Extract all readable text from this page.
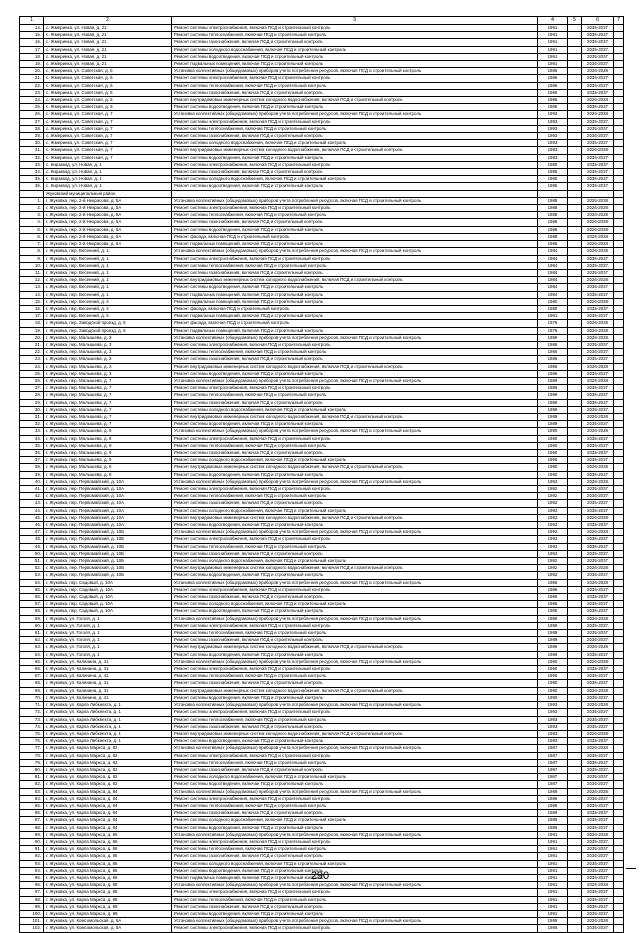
1	2	3	4	5	6	7
14.	с. Жмеринка, ул. Новая, д. 21	Ремонт системы электроснабжения, включая ПСД и строительный контроль	1991		2035-2037	
15.	с. Жмеринка, ул. Новая, д. 21	Ремонт системы теплоснабжения, включая ПСД и строительный контроль	1991		2035-2037	
16.	с. Жмеринка, ул. Новая, д. 21	Ремонт системы газоснабжения, включая ПСД и строительный контроль	1991		2035-2037	
17.	с. Жмеринка, ул. Новая, д. 21	Ремонт системы холодного водоснабжения, включая ПСД и строительный контроль	1991		2035-2037	
18.	с. Жмеринка, ул. Новая, д. 21	Ремонт системы водоотведения, включая ПСД и строительный контроль	1991		2035-2037	
19.	с. Жмеринка, ул. Новая, д. 21	Ремонт подвальных помещений, включая ПСД и строительный контроль	1991		2035-2037	
20.	с. Жмеринка, ул. Советская, д. 5	Установка коллективных (общедомовых) приборов учета потребления ресурсов, включая ПСД и строительный контроль	1986		2026-2028	
21.	с. Жмеринка, ул. Советская, д. 5	Ремонт системы электроснабжения, включая ПСД и строительный контроль	1986		2035-2037	
22.	с. Жмеринка, ул. Советская, д. 5	Ремонт системы теплоснабжения, включая ПСД и строительный контроль	1986		2035-2037	
23.	с. Жмеринка, ул. Советская, д. 5	Ремонт системы газоснабжения, включая ПСД и строительный контроль	1986		2035-2037	
24.	с. Жмеринка, ул. Советская, д. 5	Ремонт внутридомовых инженерных систем холодного водоснабжения, включая ПСД и строительный контроль	1986		2026-2028	
25.	с. Жмеринка, ул. Советская, д. 5	Ремонт системы водоотведения, включая ПСД и строительный контроль	1986		2035-2037	
26.	с. Жмеринка, ул. Советская, д. 7	Установка коллективных (общедомовых) приборов учета потребления ресурсов, включая ПСД и строительный контроль	1993		2026-2028	
27.	с. Жмеринка, ул. Советская, д. 7	Ремонт системы электроснабжения, включая ПСД и строительный контроль	1993		2035-2037	
28.	с. Жмеринка, ул. Советская, д. 7	Ремонт системы теплоснабжения, включая ПСД и строительный контроль	1993		2035-2037	
29.	с. Жмеринка, ул. Советская, д. 7	Ремонт системы газоснабжения, включая ПСД и строительный контроль	1993		2035-2037	
30.	с. Жмеринка, ул. Советская, д. 7	Ремонт системы холодного водоснабжения, включая ПСД и строительный контроль	1993		2035-2037	
31.	с. Жмеринка, ул. Советская, д. 7	Ремонт внутридомовых инженерных систем холодного водоснабжения, включая ПСД и строительный контроль	1993		2026-2028	
32.	с. Жмеринка, ул. Советская, д. 7	Ремонт системы водоотведения, включая ПСД и строительный контроль	1993		2035-2037	
33.	с. Кирзавод, ул. Новая, д. 1	Ремонт системы электроснабжения, включая ПСД и строительный контроль	1985		2035-2037	
34.	с. Кирзавод, ул. Новая, д. 1	Ремонт системы газоснабжения, включая ПСД и строительный контроль	1985		2035-2037	
35.	с. Кирзавод, ул. Новая, д. 1	Ремонт системы холодного водоснабжения, включая ПСД и строительный контроль	1985		2035-2037	
36.	с. Кирзавод, ул. Новая, д. 1	Ремонт системы водоотведения, включая ПСД и строительный контроль	1985		2035-2037	
	Жуковский муниципальный район					
1.	г. Жуковка, пер. 2-й Некрасова, д. 5А	Установка коллективных (общедомовых) приборов учета потребления ресурсов, включая ПСД и строительный контроль	1988		2026-2028	
2.	г. Жуковка, пер. 2-й Некрасова, д. 5А	Ремонт системы электроснабжения, включая ПСД и строительный контроль	1988		2026-2028	
3.	г. Жуковка, пер. 2-й Некрасова, д. 5А	Ремонт системы теплоснабжения, включая ПСД и строительный контроль	1988		2026-2028	
4.	г. Жуковка, пер. 2-й Некрасова, д. 5А	Ремонт системы газоснабжения, включая ПСД и строительный контроль	1988		2026-2028	
5.	г. Жуковка, пер. 2-й Некрасова, д. 5А	Ремонт системы водоотведения, включая ПСД и строительный контроль	1988		2026-2028	
6.	г. Жуковка, пер. 2-й Некрасова, д. 5А	Ремонт фасада, включая ПСД и строительный контроль	1988		2026-2028	
7.	г. Жуковка, пер. 2-й Некрасова, д. 5А	Ремонт подвальных помещений, включая ПСД и строительный контроль	1988		2026-2028	
8.	г. Жуковка, пер. Весенний, д. 1	Установка коллективных (общедомовых) приборов учета потребления ресурсов, включая ПСД и строительный контроль	1984		2026-2028	
9.	г. Жуковка, пер. Весенний, д. 1	Ремонт системы электроснабжения, включая ПСД и строительный контроль	1984		2035-2037	
10.	г. Жуковка, пер. Весенний, д. 1	Ремонт системы теплоснабжения, включая ПСД и строительный контроль	1984		2035-2037	
11.	г. Жуковка, пер. Весенний, д. 1	Ремонт системы газоснабжения, включая ПСД и строительный контроль	1984		2035-2037	
12.	г. Жуковка, пер. Весенний, д. 1	Ремонт внутридомовых инженерных систем холодного водоснабжения, включая ПСД и строительный контроль	1984		2026-2028	
13.	г. Жуковка, пер. Весенний, д. 1	Ремонт системы водоотведения, включая ПСД и строительный контроль	1984		2035-2037	
14.	г. Жуковка, пер. Весенний, д. 1	Ремонт подвальных помещений, включая ПСД и строительный контроль	1984		2035-2037	
15.	г. Жуковка, пер. Весенний, д. 4	Ремонт подвальных помещений, включая ПСД и строительный контроль	1980		2026-2028	
16.	г. Жуковка, пер. Весенний, д. 4	Ремонт фасада, включая ПСД и строительный контроль	1980		2035-2037	
17.	г. Жуковка, пер. Весенний, д. 6	Ремонт подвальных помещений, включая ПСД и строительный контроль	1981		2035-2037	
18.	г. Жуковка, пер. Заводской проезд, д. 6	Ремонт фасада, включая ПСД и строительный контроль	1976		2026-2028	
19.	г. Жуковка, пер. Заводской проезд, д. 6	Ремонт подвальных помещений, включая ПСД и строительный контроль	1976		2026-2028	
20.	г. Жуковка, пер. Малышева, д. 3	Установка коллективных (общедомовых) приборов учета потребления ресурсов, включая ПСД и строительный контроль	1986		2026-2028	
21.	г. Жуковка, пер. Малышева, д. 3	Ремонт системы электроснабжения, включая ПСД и строительный контроль	1986		2035-2037	
22.	г. Жуковка, пер. Малышева, д. 3	Ремонт системы теплоснабжения, включая ПСД и строительный контроль	1986		2035-2037	
23.	г. Жуковка, пер. Малышева, д. 3	Ремонт системы газоснабжения, включая ПСД и строительный контроль	1986		2035-2037	
24.	г. Жуковка, пер. Малышева, д. 3	Ремонт внутридомовых инженерных систем холодного водоснабжения, включая ПСД и строительный контроль	1986		2026-2028	
25.	г. Жуковка, пер. Малышева, д. 3	Ремонт системы водоотведения, включая ПСД и строительный контроль	1986		2035-2037	
26.	г. Жуковка, пер. Малышева, д. 7	Установка коллективных (общедомовых) приборов учета потребления ресурсов, включая ПСД и строительный контроль	1989		2026-2028	
27.	г. Жуковка, пер. Малышева, д. 7	Ремонт системы электроснабжения, включая ПСД и строительный контроль	1989		2035-2037	
28.	г. Жуковка, пер. Малышева, д. 7	Ремонт системы теплоснабжения, включая ПСД и строительный контроль	1989		2035-2037	
29.	г. Жуковка, пер. Малышева, д. 7	Ремонт системы газоснабжения, включая ПСД и строительный контроль	1989		2035-2037	
30.	г. Жуковка, пер. Малышева, д. 7	Ремонт системы холодного водоснабжения, включая ПСД и строительный контроль	1989		2035-2037	
31.	г. Жуковка, пер. Малышева, д. 7	Ремонт внутридомовых инженерных систем холодного водоснабжения, включая ПСД и строительный контроль	1989		2026-2028	
32.	г. Жуковка, пер. Малышева, д. 7	Ремонт системы водоотведения, включая ПСД и строительный контроль	1989		2035-2037	
33.	г. Жуковка, пер. Малышева, д. 9	Установка коллективных (общедомовых) приборов учета потребления ресурсов, включая ПСД и строительный контроль	1990		2026-2028	
34.	г. Жуковка, пер. Малышева, д. 9	Ремонт системы электроснабжения, включая ПСД и строительный контроль	1990		2035-2037	
35.	г. Жуковка, пер. Малышева, д. 9	Ремонт системы теплоснабжения, включая ПСД и строительный контроль	1990		2035-2037	
36.	г. Жуковка, пер. Малышева, д. 9	Ремонт системы газоснабжения, включая ПСД и строительный контроль	1990		2035-2037	
37.	г. Жуковка, пер. Малышева, д. 9	Ремонт системы холодного водоснабжения, включая ПСД и строительный контроль	1990		2035-2037	
38.	г. Жуковка, пер. Малышева, д. 9	Ремонт внутридомовых инженерных систем холодного водоснабжения, включая ПСД и строительный контроль	1990		2026-2028	
39.	г. Жуковка, пер. Малышева, д. 9	Ремонт системы водоотведения, включая ПСД и строительный контроль	1990		2035-2037	
40.	г. Жуковка, пер. Первомайский, д. 10А	Установка коллективных (общедомовых) приборов учета потребления ресурсов, включая ПСД и строительный контроль	1992		2026-2028	
41.	г. Жуковка, пер. Первомайский, д. 10А	Ремонт системы электроснабжения, включая ПСД и строительный контроль	1992		2035-2037	
42.	г. Жуковка, пер. Первомайский, д. 10А	Ремонт системы теплоснабжения, включая ПСД и строительный контроль	1992		2035-2037	
43.	г. Жуковка, пер. Первомайский, д. 10А	Ремонт системы газоснабжения, включая ПСД и строительный контроль	1992		2035-2037	
44.	г. Жуковка, пер. Первомайский, д. 10А	Ремонт системы холодного водоснабжения, включая ПСД и строительный контроль	1992		2035-2037	
45.	г. Жуковка, пер. Первомайский, д. 10А	Ремонт внутридомовых инженерных систем холодного водоснабжения, включая ПСД и строительный контроль	1992		2026-2028	
46.	г. Жуковка, пер. Первомайский, д. 10А	Ремонт системы водоотведения, включая ПСД и строительный контроль	1992		2035-2037	
47.	г. Жуковка, пер. Первомайский, д. 10Б	Установка коллективных (общедомовых) приборов учета потребления ресурсов, включая ПСД и строительный контроль	1992		2026-2028	
48.	г. Жуковка, пер. Первомайский, д. 10Б	Ремонт системы электроснабжения, включая ПСД и строительный контроль	1992		2035-2037	
49.	г. Жуковка, пер. Первомайский, д. 10Б	Ремонт системы теплоснабжения, включая ПСД и строительный контроль	1992		2035-2037	
50.	г. Жуковка, пер. Первомайский, д. 10Б	Ремонт системы газоснабжения, включая ПСД и строительный контроль	1992		2035-2037	
51.	г. Жуковка, пер. Первомайский, д. 10Б	Ремонт системы холодного водоснабжения, включая ПСД и строительный контроль	1992		2035-2037	
52.	г. Жуковка, пер. Первомайский, д. 10Б	Ремонт внутридомовых инженерных систем холодного водоснабжения, включая ПСД и строительный контроль	1992		2026-2028	
53.	г. Жуковка, пер. Первомайский, д. 10Б	Ремонт системы водоотведения, включая ПСД и строительный контроль	1992		2035-2037	
54.	г. Жуковка, пер. Садовый, д. 10А	Установка коллективных (общедомовых) приборов учета потребления ресурсов, включая ПСД и строительный контроль	1986		2026-2028	
55.	г. Жуковка, пер. Садовый, д. 10А	Ремонт системы электроснабжения, включая ПСД и строительный контроль	1986		2035-2037	
56.	г. Жуковка, пер. Садовый, д. 10А	Ремонт системы газоснабжения, включая ПСД и строительный контроль	1986		2035-2037	
57.	г. Жуковка, пер. Садовый, д. 10А	Ремонт системы холодного водоснабжения, включая ПСД и строительный контроль	1986		2035-2037	
58.	г. Жуковка, пер. Садовый, д. 10А	Ремонт системы водоотведения, включая ПСД и строительный контроль	1986		2035-2037	
59.	г. Жуковка, ул. Гоголя, д. 1	Установка коллективных (общедомовых) приборов учета потребления ресурсов, включая ПСД и строительный контроль	1989		2026-2028	
60.	г. Жуковка, ул. Гоголя, д. 1	Ремонт системы электроснабжения, включая ПСД и строительный контроль	1989		2035-2037	
61.	г. Жуковка, ул. Гоголя, д. 1	Ремонт системы теплоснабжения, включая ПСД и строительный контроль	1989		2035-2037	
62.	г. Жуковка, ул. Гоголя, д. 1	Ремонт системы газоснабжения, включая ПСД и строительный контроль	1989		2035-2037	
63.	г. Жуковка, ул. Гоголя, д. 1	Ремонт внутридомовых инженерных систем холодного водоснабжения, включая ПСД и строительный контроль	1989		2026-2028	
64.	г. Жуковка, ул. Гоголя, д. 1	Ремонт системы водоотведения, включая ПСД и строительный контроль	1989		2035-2037	
65.	г. Жуковка, ул. Калинина, д. 41	Установка коллективных (общедомовых) приборов учета потребления ресурсов, включая ПСД и строительный контроль	1990		2026-2028	
66.	г. Жуковка, ул. Калинина, д. 41	Ремонт системы электроснабжения, включая ПСД и строительный контроль	1990		2035-2037	
67.	г. Жуковка, ул. Калинина, д. 41	Ремонт системы теплоснабжения, включая ПСД и строительный контроль	1990		2035-2037	
68.	г. Жуковка, ул. Калинина, д. 41	Ремонт системы газоснабжения, включая ПСД и строительный контроль	1990		2035-2037	
69.	г. Жуковка, ул. Калинина, д. 41	Ремонт внутридомовых инженерных систем холодного водоснабжения, включая ПСД и строительный контроль	1990		2026-2028	
70.	г. Жуковка, ул. Калинина, д. 41	Ремонт системы водоотведения, включая ПСД и строительный контроль	1990		2035-2037	
71.	г. Жуковка, ул. Карла Либкнехта, д. 1	Установка коллективных (общедомовых) приборов учета потребления ресурсов, включая ПСД и строительный контроль	1993		2026-2028	
72.	г. Жуковка, ул. Карла Либкнехта, д. 1	Ремонт системы электроснабжения, включая ПСД и строительный контроль	1993		2035-2037	
73.	г. Жуковка, ул. Карла Либкнехта, д. 1	Ремонт системы теплоснабжения, включая ПСД и строительный контроль	1993		2035-2037	
74.	г. Жуковка, ул. Карла Либкнехта, д. 1	Ремонт системы газоснабжения, включая ПСД и строительный контроль	1993		2035-2037	
75.	г. Жуковка, ул. Карла Либкнехта, д. 1	Ремонт внутридомовых инженерных систем холодного водоснабжения, включая ПСД и строительный контроль	1993		2026-2028	
76.	г. Жуковка, ул. Карла Либкнехта, д. 1	Ремонт системы водоотведения, включая ПСД и строительный контроль	1993		2035-2037	
77.	г. Жуковка, ул. Карла Маркса, д. 82	Установка коллективных (общедомовых) приборов учета потребления ресурсов, включая ПСД и строительный контроль	1987		2026-2028	
78.	г. Жуковка, ул. Карла Маркса, д. 82	Ремонт системы электроснабжения, включая ПСД и строительный контроль	1987		2035-2037	
79.	г. Жуковка, ул. Карла Маркса, д. 82	Ремонт системы теплоснабжения, включая ПСД и строительный контроль	1987		2035-2037	
80.	г. Жуковка, ул. Карла Маркса, д. 82	Ремонт системы газоснабжения, включая ПСД и строительный контроль	1987		2035-2037	
81.	г. Жуковка, ул. Карла Маркса, д. 82	Ремонт системы холодного водоснабжения, включая ПСД и строительный контроль	1987		2035-2037	
82.	г. Жуковка, ул. Карла Маркса, д. 82	Ремонт системы водоотведения, включая ПСД и строительный контроль	1987		2035-2037	
83.	г. Жуковка, ул. Карла Маркса, д. 84	Установка коллективных (общедомовых) приборов учета потребления ресурсов, включая ПСД и строительный контроль	1989		2026-2028	
84.	г. Жуковка, ул. Карла Маркса, д. 84	Ремонт системы электроснабжения, включая ПСД и строительный контроль	1989		2035-2037	
85.	г. Жуковка, ул. Карла Маркса, д. 84	Ремонт системы теплоснабжения, включая ПСД и строительный контроль	1989		2035-2037	
86.	г. Жуковка, ул. Карла Маркса, д. 84	Ремонт системы газоснабжения, включая ПСД и строительный контроль	1989		2035-2037	
87.	г. Жуковка, ул. Карла Маркса, д. 84	Ремонт системы холодного водоснабжения, включая ПСД и строительный контроль	1989		2035-2037	
88.	г. Жуковка, ул. Карла Маркса, д. 84	Ремонт системы водоотведения, включая ПСД и строительный контроль	1989		2035-2037	
89.	г. Жуковка, ул. Карла Маркса, д. 86	Установка коллективных (общедомовых) приборов учета потребления ресурсов, включая ПСД и строительный контроль	1991		2026-2028	
90.	г. Жуковка, ул. Карла Маркса, д. 86	Ремонт системы электроснабжения, включая ПСД и строительный контроль	1991		2035-2037	
91.	г. Жуковка, ул. Карла Маркса, д. 86	Ремонт системы теплоснабжения, включая ПСД и строительный контроль	1991		2035-2037	
92.	г. Жуковка, ул. Карла Маркса, д. 86	Ремонт системы газоснабжения, включая ПСД и строительный контроль	1991		2035-2037	
93.	г. Жуковка, ул. Карла Маркса, д. 86	Ремонт системы холодного водоснабжения, включая ПСД и строительный контроль	1991		2035-2037	
94.	г. Жуковка, ул. Карла Маркса, д. 86	Ремонт системы водоотведения, включая ПСД и строительный контроль	1991		2035-2037	
95.	г. Жуковка, ул. Карла Маркса, д. 86	Ремонт подвальных помещений, включая ПСД и строительный контроль	1991		2035-2037	
96.	г. Жуковка, ул. Карла Маркса, д. 88	Установка коллективных (общедомовых) приборов учета потребления ресурсов, включая ПСД и строительный контроль	1991		2026-2028	
97.	г. Жуковка, ул. Карла Маркса, д. 88	Ремонт системы электроснабжения, включая ПСД и строительный контроль	1991		2035-2037	
98.	г. Жуковка, ул. Карла Маркса, д. 88	Ремонт системы теплоснабжения, включая ПСД и строительный контроль	1991		2035-2037	
99.	г. Жуковка, ул. Карла Маркса, д. 88	Ремонт системы газоснабжения, включая ПСД и строительный контроль	1991		2035-2037	
100.	г. Жуковка, ул. Карла Маркса, д. 88	Ремонт системы водоотведения, включая ПСД и строительный контроль	1991		2035-2037	
101.	г. Жуковка, ул. Комсомольская, д. 5А	Установка коллективных (общедомовых) приборов учета потребления ресурсов, включая ПСД и строительный контроль	1995		2026-2028	
102.	г. Жуковка, ул. Комсомольская, д. 5А	Ремонт системы электроснабжения, включая ПСД и строительный контроль	1995		2035-2037	
290
